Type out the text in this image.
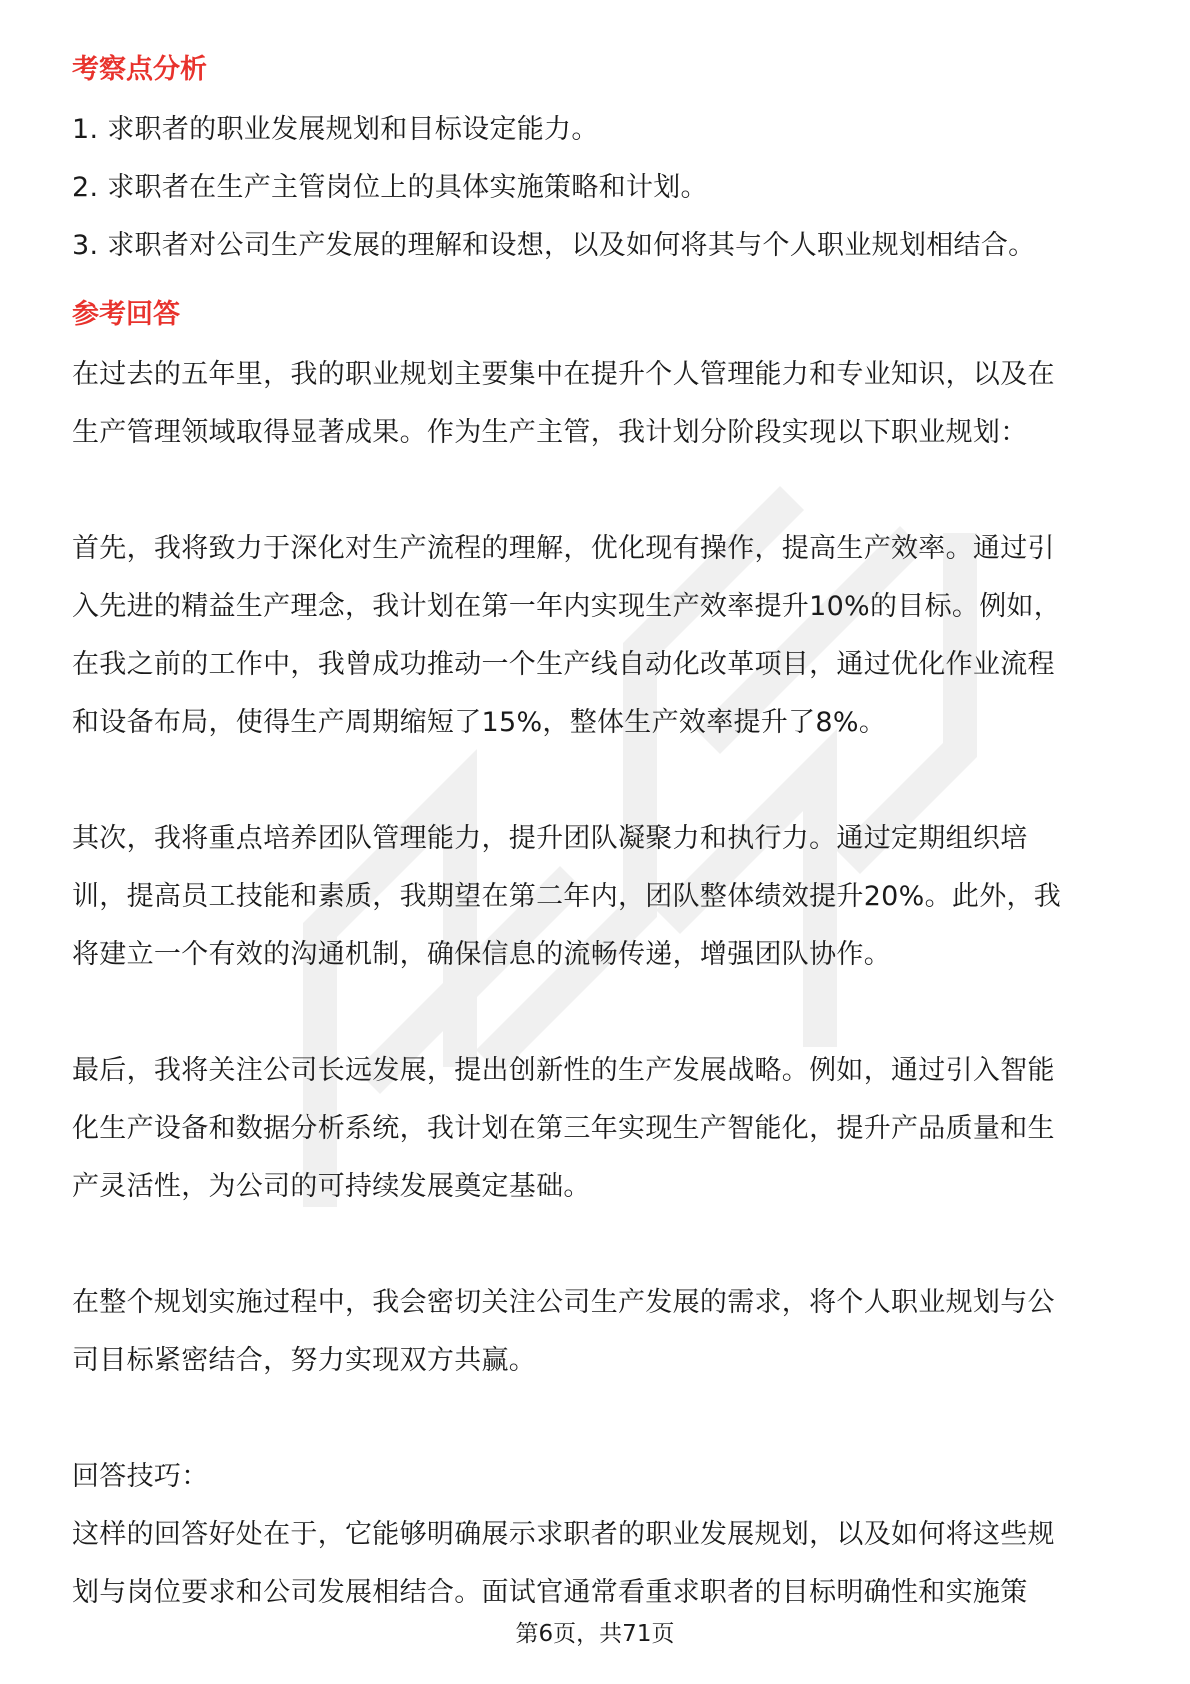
考察点分析

1. 求职者的职业发展规划和目标设定能力。

2. 求职者在生产主管岗位上的具体实施策略和计划。

3. 求职者对公司生产发展的理解和设想，以及如何将其与个人职业规划相结合。

参考回答

在过去的五年里，我的职业规划主要集中在提升个人管理能力和专业知识，以及在

生产管理领域取得显著成果。作为生产主管，我计划分阶段实现以下职业规划：

首先，我将致力于深化对生产流程的理解，优化现有操作，提高生产效率。通过引

入先进的精益生产理念，我计划在第一年内实现生产效率提升10%的目标。例如，

在我之前的工作中，我曾成功推动一个生产线自动化改革项目，通过优化作业流程

和设备布局，使得生产周期缩短了15%，整体生产效率提升了8%。

其次，我将重点培养团队管理能力，提升团队凝聚力和执行力。通过定期组织培

训，提高员工技能和素质，我期望在第二年内，团队整体绩效提升20%。此外，我

将建立一个有效的沟通机制，确保信息的流畅传递，增强团队协作。

最后，我将关注公司长远发展，提出创新性的生产发展战略。例如，通过引入智能

化生产设备和数据分析系统，我计划在第三年实现生产智能化，提升产品质量和生

产灵活性，为公司的可持续发展奠定基础。

在整个规划实施过程中，我会密切关注公司生产发展的需求，将个人职业规划与公

司目标紧密结合，努力实现双方共赢。

回答技巧：

这样的回答好处在于，它能够明确展示求职者的职业发展规划，以及如何将这些规

划与岗位要求和公司发展相结合。面试官通常看重求职者的目标明确性和实施策

第6页，共71页
